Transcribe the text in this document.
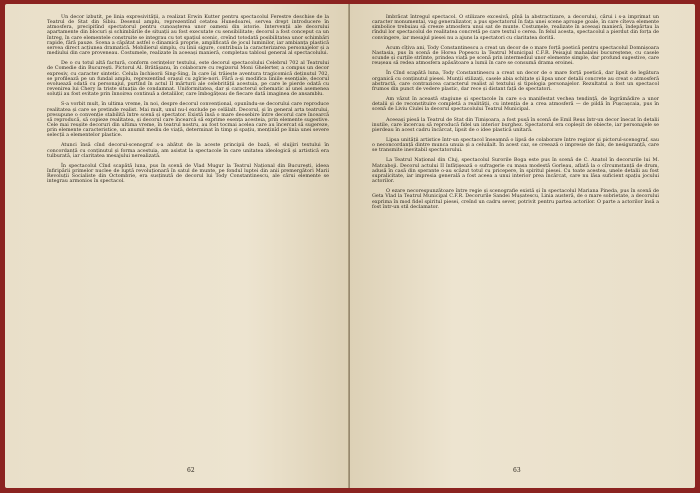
Un decor izbutit, pe linia expresivității, a realizat Erwin Kutter pentru spectacolul Ferestre deschise de la Teatrul de Stat din Sibiu. Desenul amplu, reprezentînd cetatea Hunedoarei, servea drept introducere în atmosfera, precipitînd spectatorul pentru cunoașterea unor oameni din istorie. Intervenții ale decorului apartamente din blocuri și schimbările de situații au fost executate cu sensibilitate; decorul a fost conceput ca un întreg, în care elementele construite se integrau cu tot spațiul scenic, creînd totodată posibilitatea unor schimbări rapide, fără pauze. Scena a căpătat astfel o dinamică proprie, amplificată de jocul luminilor, iar ambianța plastică servea direct acțiunea dramatică. Mobilierul simplu, cu linii sigure, contribuia la caracterizarea personajelor și a mediului din care proveneau. Costumele, realizate în aceeași manieră, completau tabloul general al spectacolului.

De o cu totul altă factură, conform cerințelor textului, este decorul spectacolului Celebrul 702 al Teatrului de Comedie din București. Pictorul Al. Brătășanu, în colaborare cu regizorul Moni Ghelerter, a compus un decor expresiv, cu caracter sintetic. Celula închisorii Sing-Sing, în care își trăiește aventura tragicomică deținutul 702, se profilează pe un fundal amplu, reprezentînd orașul cu zgîrie-nori. Fără a-și modifica liniile esențiale, decorul evoluează odată cu personajul, purtînd în actul II mărturii ale celebrității acestuia, pe care le pierde odată cu revenirea lui Chery la triste situația de condamnat. Uniformitatea, dar și caracterul schematic al unei asemenea soluții au fost evitate prin înnoirea continuă a detaliilor, care îmbogățeau de fiecare dată imaginea de ansamblu.

S-a vorbit mult, în ultima vreme, în noi, despre decorul convențional, opunîndu-se decorului care reproduce realitatea și care se pretinde realist. Mai mult, unul nu-l exclude pe celălalt. Decorul, și în general arta teatrului, presupune o convenție stabilită între scenă și spectator. Există însă o mare deosebire între decorul care încearcă să reproducă, să copieze realitatea, și decorul care încearcă să exprime esența acesteia, prin elemente sugestive. Cele mai reușite decoruri din ultima vreme, în teatrul nostru, au fost tocmai acelea care au încercat să sugereze, prin elemente caracteristice, un anumit mediu de viață, determinat în timp și spațiu, menținîd pe linia unei severe selecții a elementelor plastice.

Atunci însă cînd decorul-scenograf s-a abătut de la aceste principii de bază, el sluijiri textului în concordanță cu conținutul și forma acestuia, am asistat la spectacole în care unitatea ideologică și artistică era tulburată, iar claritatea mesajului nerealizată.

În spectacolul Cînd scapătă luna, pus în scenă de Vlad Mugur la Teatrul Național din București, ideea înfiripării primelor nuclee de luptă revoluționară în satul de munte, pe fondul luptei din anii premergători Marii Revoluții Socialiste din Octombrie, era susținută de decorul lui Tody Constantinescu, ale cărui elemente se integrau armonios în spectacol.

62

îmbrăcat întregul spectacol. O stilizare excesivă, pînă la abstractizare, a decorului, cărui i s-a imprimat un caracter monumental, vag generalizator, a pus spectatorul în fața unei scene aproape goale, în care cîteva elemente simbolice trebuiau să creeze atmosfera unui sat de munte. Costumele, realizate în aceeași manieră, îndepărtau la rîndul lor spectacolul de realitatea concretă pe care textul o cerea. În felul acesta, spectacolul a pierdut din forța de convingere, iar mesajul piesei nu a ajuns la spectatori cu claritatea dorită.

Acum cîțiva ani, Tody Constantinescu a creat un decor de o mare forță poetică pentru spectacolul Domnișoara Nastasia, pus în scenă de Horea Popescu la Teatrul Municipal C.F.R. Peisajul mahalalei bucureștene, cu casele scunde și curțile strîmte, prindea viață pe scenă prin intermediul unor elemente simple, dar profund sugestive, care reușeau să redea atmosfera apăsătoare a lumii în care se consumă drama eroinei.

În Cînd scapătă luna, Tody Constantinescu a creat un decor de o mare forță poetică, dar lipsit de legătura organică cu conținutul piesei. Munții stilizați, casele abia schițate și lipsa unor detalii concrete au creat o atmosferă abstractă, care contrazicea caracterul realist al textului și tipologia personajelor. Rezultatul a fost un spectacol frumos din punct de vedere plastic, dar rece și distant față de spectatori.

Am văzut în această stagiune și spectacole în care s-a manifestat vechea tendință, de îngrămădire a unor detalii și de reconstituire completă a realității, cu intenția de a crea atmosferă — de pildă în Pușcașcaia, pus în scenă de Liviu Ciulei la decorul spectacolului Teatrul Municipal.

Aceeași piesă la Teatrul de Stat din Timișoara, a fost pusă în scenă de Emil Reus într-un decor înecat în detalii inutile, care încercau să reproducă fidel un interior burghez. Spectatorul era copleșit de obiecte, iar personajele se pierdeau în acest cadru încărcat, lipsit de o idee plastică unitară.

Lipsa unității artistice într-un spectacol înseamnă o lipsă de colaborare între regizor și pictorul-scenograf, sau o neconcordanță dintre munca unuia și a celuilalt. În acest caz, se creează o impresie de fals, de nesiguranță, care se transmite inevitabil spectatorului.

La Teatrul Național din Cluj, spectacolul Surorile Boga este pus în scenă de C. Anatol în decorurile lui M. Matcaboji. Decorul actului II înfățișează o sufragerie cu masa modestă Gorleau, aflată la o cîrcumstanță de drum, adusă în casă din sperante o-au scăzut totul cu pricepere, în spiritul piesei. Cu toate acestea, unele detalii au fost supralicitate, iar impresia generală a fost aceea a unui interior prea încărcat, care nu lăsa suficient spațiu jocului actorilor.

O ezare necorespunzătoare între regie și scenografie există și în spectacolul Mariana Pineda, pus în scenă de Geta Vlad la Teatrul Municipal C.F.R. Decorurile Sandei Mușatescu, Linia austeră, de o mare sobrietate, a decorului exprima în mod fidel spiritul piesei, creînd un cadru sever, potrivit pentru partea actorilor. O parte a actorilor însă a fost într-un stil declamator.

63
